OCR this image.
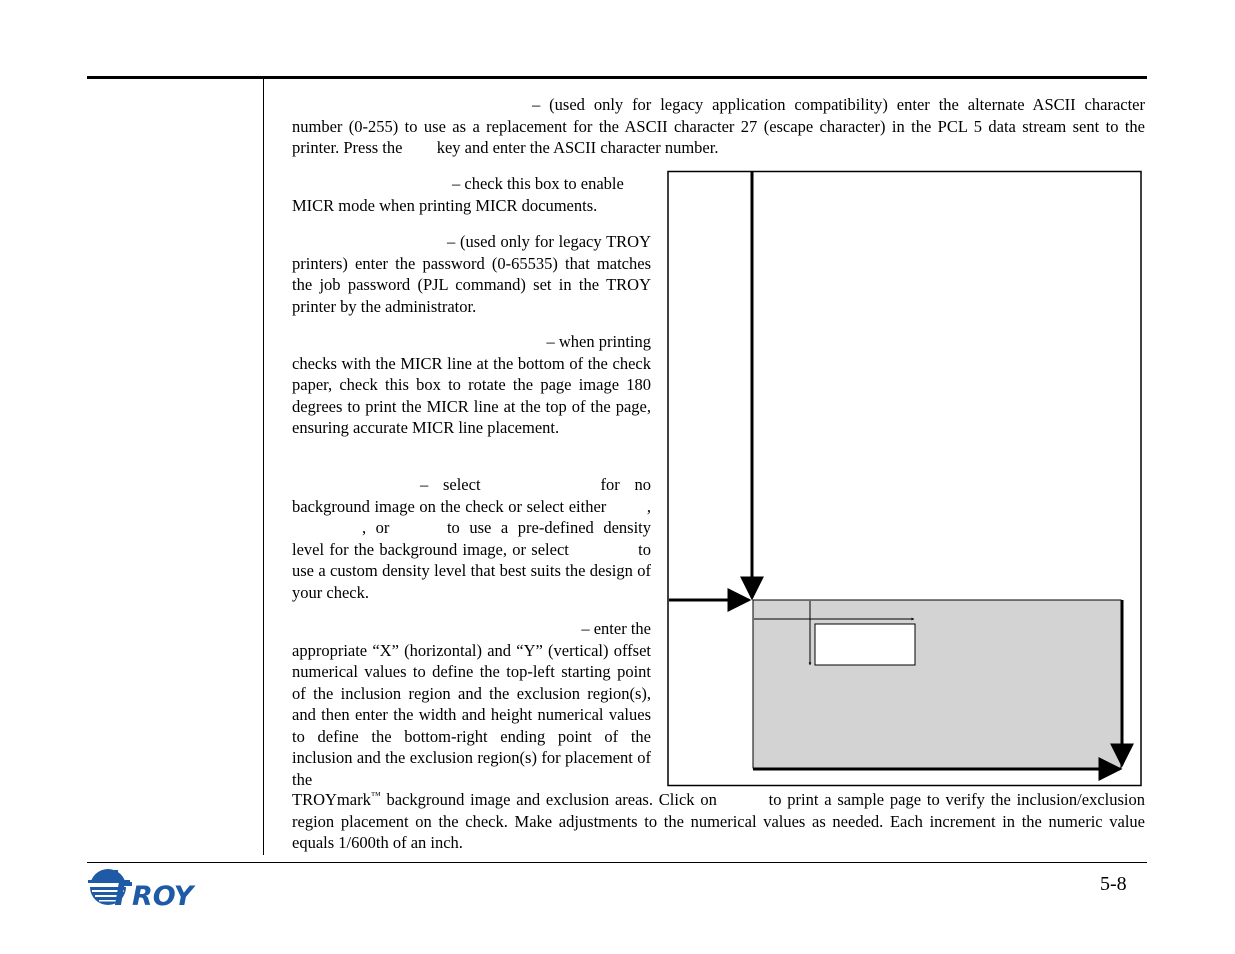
– (used only for legacy application compatibility) enter the alternate ASCII character number (0-255) to use as a replacement for the ASCII character 27 (escape character) in the PCL 5 data stream sent to the printer. Press the key and enter the ASCII character number.

– check this box to enable
MICR mode when printing MICR documents.

– (used only for legacy TROY printers) enter the password (0-65535) that matches the job password (PJL command) set in the TROY printer by the administrator.

– when printing
checks with the MICR line at the bottom of the check paper, check this box to rotate the page image 180 degrees to print the MICR line at the top of the page, ensuring accurate MICR line placement.

– select	for no background image on the check or select either ,, or	to use a pre-defined density level for the background image, or select	to use a custom density level that best suits the design of your check.

– enter the
appropriate “X” (horizontal) and “Y” (vertical) offset numerical values to define the top-left starting point of the inclusion region and the exclusion region(s), and then enter the width and height numerical values to define the bottom-right ending point of the inclusion and the exclusion region(s) for placement of the

TROYmark™ background image and exclusion areas. Click on	to print a sample page to verify the inclusion/exclusion region placement on the check. Make adjustments to the numerical values as needed. Each increment in the numeric value equals 1/600th of an inch.

ROY	5-8
